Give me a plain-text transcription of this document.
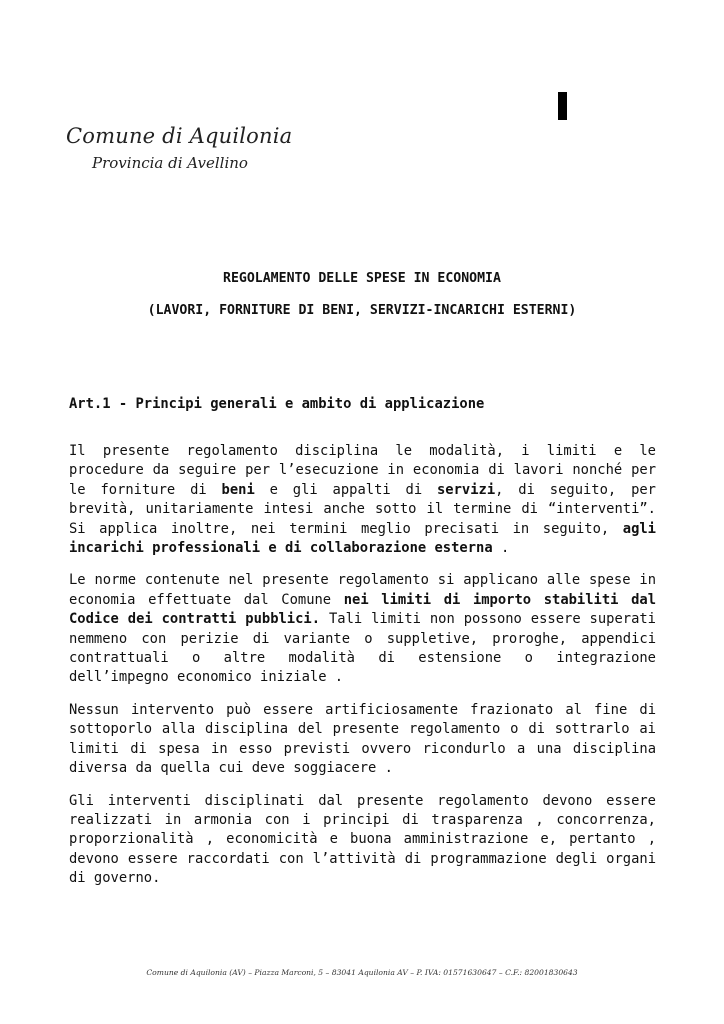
Comune di Aquilonia
Provincia di Avellino
REGOLAMENTO DELLE SPESE IN ECONOMIA
(LAVORI, FORNITURE DI BENI, SERVIZI-INCARICHI ESTERNI)
Art.1 - Principi generali e ambito di applicazione

Il presente regolamento disciplina le modalità, i limiti e le procedure da seguire per l’esecuzione in economia di lavori nonché per le forniture di beni e gli appalti di servizi, di seguito, per brevità, unitariamente intesi anche sotto il termine di “interventi”. Si applica inoltre, nei termini meglio precisati in seguito, agli incarichi professionali e di collaborazione esterna .

Le norme contenute nel presente regolamento si applicano alle spese in economia effettuate dal Comune nei limiti di importo stabiliti dal Codice dei contratti pubblici. Tali limiti non possono essere superati nemmeno con perizie di variante o suppletive, proroghe, appendici contrattuali o altre modalità di estensione o integrazione dell’impegno economico iniziale .

Nessun intervento può essere artificiosamente frazionato al fine di sottoporlo alla disciplina del presente regolamento o di sottrarlo ai limiti di spesa in esso previsti ovvero ricondurlo a una disciplina diversa da quella cui deve soggiacere .

Gli interventi disciplinati dal presente regolamento devono essere realizzati in armonia con i principi di trasparenza , concorrenza, proporzionalità , economicità e buona amministrazione e, pertanto , devono essere raccordati con l’attività di programmazione degli organi di governo.

Comune di Aquilonia (AV) – Piazza Marconi, 5 – 83041 Aquilonia AV – P. IVA: 01571630647 – C.F.: 82001830643
